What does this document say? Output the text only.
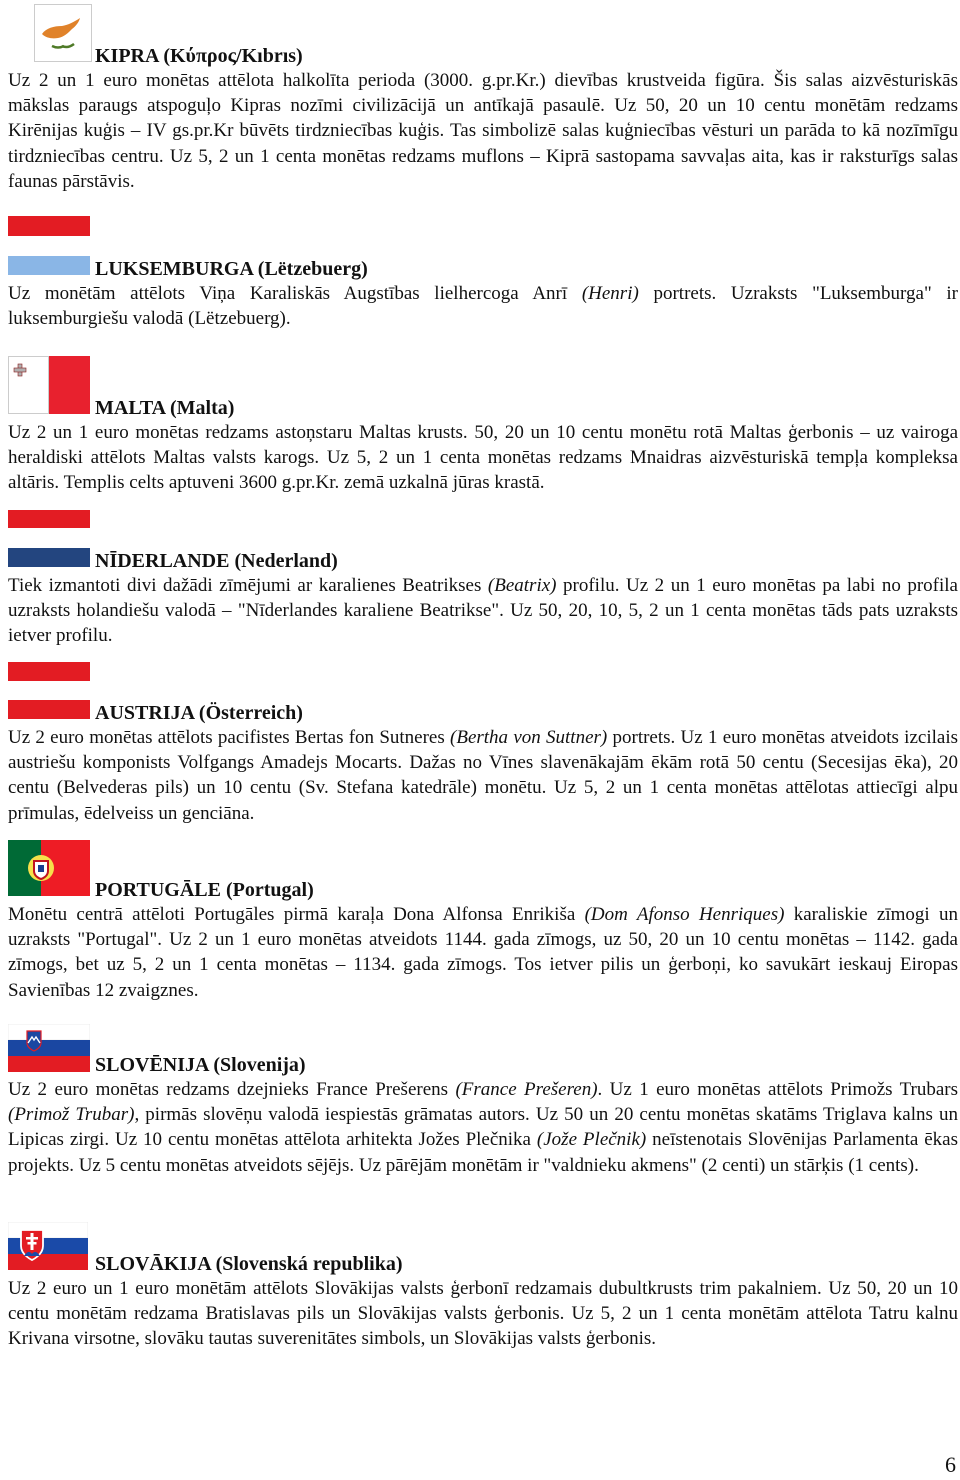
KIPRA (Κύπρος/Kıbrıs)
Uz 2 un 1 euro monētas attēlota halkolīta perioda (3000. g.pr.Kr.) dievības krustveida figūra. Šis salas aizvēsturiskās mākslas paraugs atspoguļo Kipras nozīmi civilizācijā un antīkajā pasaulē. Uz 50, 20 un 10 centu monētām redzams Kirēnijas kuģis – IV gs.pr.Kr būvēts tirdzniecības kuģis. Tas simbolizē salas kuģniecības vēsturi un parāda to kā nozīmīgu tirdzniecības centru. Uz 5, 2 un 1 centa monētas redzams muflons – Kiprā sastopama savvaļas aita, kas ir raksturīgs salas faunas pārstāvis.
LUKSEMBURGA (Lëtzebuerg)
Uz monētām attēlots Viņa Karaliskās Augstības lielhercoga Anrī (Henri) portrets. Uzraksts "Luksemburga" ir luksemburgiešu valodā (Lëtzebuerg).
MALTA (Malta)
Uz 2 un 1 euro monētas redzams astoņstaru Maltas krusts. 50, 20 un 10 centu monētu rotā Maltas ģerbonis – uz vairoga heraldiski attēlots Maltas valsts karogs. Uz 5, 2 un 1 centa monētas redzams Mnaidras aizvēsturiskā tempļa kompleksa altāris. Templis celts aptuveni 3600 g.pr.Kr. zemā uzkalnā jūras krastā.
NĪDERLANDE (Nederland)
Tiek izmantoti divi dažādi zīmējumi ar karalienes Beatrikses (Beatrix) profilu. Uz 2 un 1 euro monētas pa labi no profila uzraksts holandiešu valodā – "Nīderlandes karaliene Beatrikse". Uz 50, 20, 10, 5, 2 un 1 centa monētas tāds pats uzraksts ietver profilu.
AUSTRIJA (Österreich)
Uz 2 euro monētas attēlots pacifistes Bertas fon Sutneres (Bertha von Suttner) portrets. Uz 1 euro monētas atveidots izcilais austriešu komponists Volfgangs Amadejs Mocarts. Dažas no Vīnes slavenākajām ēkām rotā 50 centu (Secesijas ēka), 20 centu (Belvederas pils) un 10 centu (Sv. Stefana katedrāle) monētu. Uz 5, 2 un 1 centa monētas attēlotas attiecīgi alpu prīmulas, ēdelveiss un genciāna.
PORTUGĀLE (Portugal)
Monētu centrā attēloti Portugāles pirmā karaļa Dona Alfonsa Enrikiša (Dom Afonso Henriques) karaliskie zīmogi un uzraksts "Portugal". Uz 2 un 1 euro monētas atveidots 1144. gada zīmogs, uz 50, 20 un 10 centu monētas – 1142. gada zīmogs, bet uz 5, 2 un 1 centa monētas – 1134. gada zīmogs. Tos ietver pilis un ģerboņi, ko savukārt ieskauj Eiropas Savienības 12 zvaigznes.
SLOVĒNIJA (Slovenija)
Uz 2 euro monētas redzams dzejnieks France Prešerens (France Prešeren). Uz 1 euro monētas attēlots Primožs Trubars (Primož Trubar), pirmās slovēņu valodā iespiestās grāmatas autors. Uz 50 un 20 centu monētas skatāms Triglava kalns un Lipicas zirgi. Uz 10 centu monētas attēlota arhitekta Jožes Plečnika (Jože Plečnik) neīstenotais Slovēnijas Parlamenta ēkas projekts. Uz 5 centu monētas atveidots sējējs. Uz pārējām monētām ir "valdnieku akmens" (2 centi) un stārķis (1 cents).
SLOVĀKIJA (Slovenská republika)
Uz 2 euro un 1 euro monētām attēlots Slovākijas valsts ģerbonī redzamais dubultkrusts trim pakalniem. Uz 50, 20 un 10 centu monētām redzama Bratislavas pils un Slovākijas valsts ģerbonis. Uz 5, 2 un 1 centa monētām attēlota Tatru kalnu Krivana virsotne, slovāku tautas suverenitātes simbols, un Slovākijas valsts ģerbonis.
6
